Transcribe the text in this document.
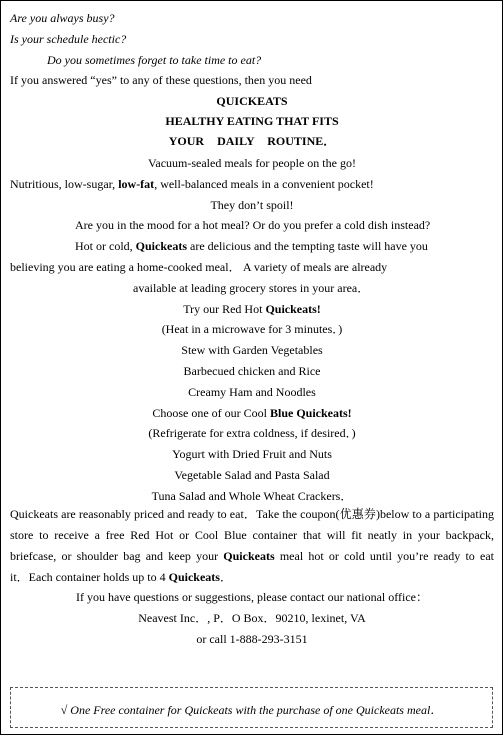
Are you always busy?
Is your schedule hectic?
Do you sometimes forget to take time to eat?
If you answered “yes” to any of these questions, then you need
QUICKEATS
HEALTHY EATING THAT FITS
YOUR DAILY ROUTINE．
Vacuum-sealed meals for people on the go!
Nutritious, low-sugar, low-fat, well-balanced meals in a convenient pocket!
They don’t spoil!
Are you in the mood for a hot meal? Or do you prefer a cold dish instead?
Hot or cold, Quickeats are delicious and the tempting taste will have you
believing you are eating a home-cooked meal． A variety of meals are already
available at leading grocery stores in your area．
Try our Red Hot Quickeats!
(Heat in a microwave for 3 minutes．)
Stew with Garden Vegetables
Barbecued chicken and Rice
Creamy Ham and Noodles
Choose one of our Cool Blue Quickeats!
(Refrigerate for extra coldness, if desired．)
Yogurt with Dried Fruit and Nuts
Vegetable Salad and Pasta Salad
Tuna Salad and Whole Wheat Crackers．
Quickeats are reasonably priced and ready to eat．Take the coupon(优惠券)below to a participating
store to receive a free Red Hot or Cool Blue container that will fit neatly in your backpack,
briefcase, or shoulder bag and keep your Quickeats meal hot or cold until you’re ready to eat
it．Each container holds up to 4 Quickeats．
If you have questions or suggestions, please contact our national office：
Neavest Inc．, P．O Box．90210, lexinet, VA
or call 1-888-293-3151
√ One Free container for Quickeats with the purchase of one Quickeats meal．
